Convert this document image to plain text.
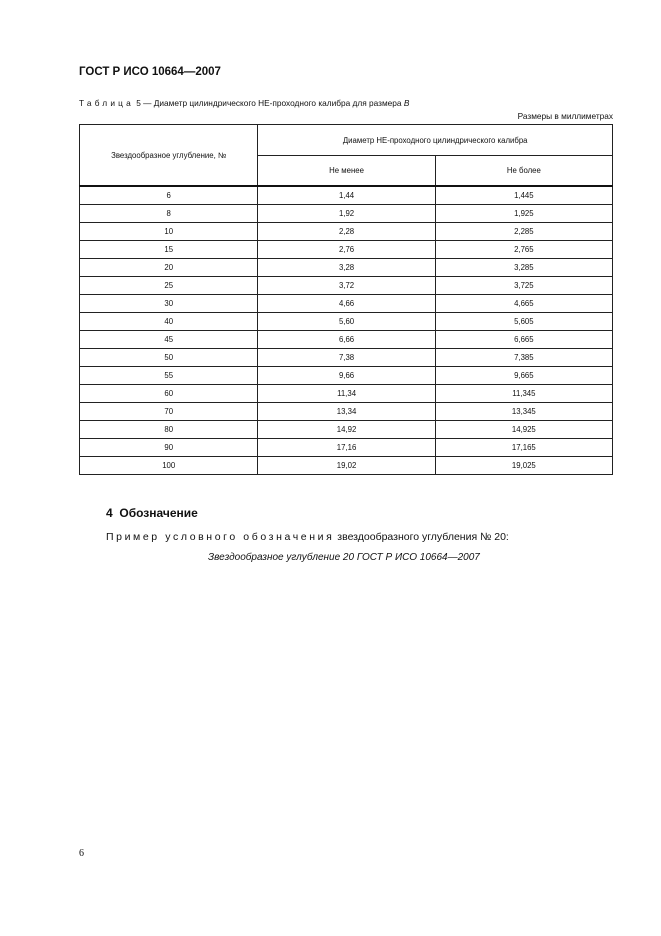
ГОСТ Р ИСО 10664—2007
Таблица 5 — Диаметр цилиндрического НЕ-проходного калибра для размера B
Размеры в миллиметрах
Звездообразное углубление, №	Диаметр НЕ-проходного цилиндрического калибра	
	Не менее	Не более
6	1,44	1,445
8	1,92	1,925
10	2,28	2,285
15	2,76	2,765
20	3,28	3,285
25	3,72	3,725
30	4,66	4,665
40	5,60	5,605
45	6,66	6,665
50	7,38	7,385
55	9,66	9,665
60	11,34	11,345
70	13,34	13,345
80	14,92	14,925
90	17,16	17,165
100	19,02	19,025
4 Обозначение
Пример условного обозначения звездообразного углубления № 20:
Звездообразное углубление 20 ГОСТ Р ИСО 10664—2007
6
